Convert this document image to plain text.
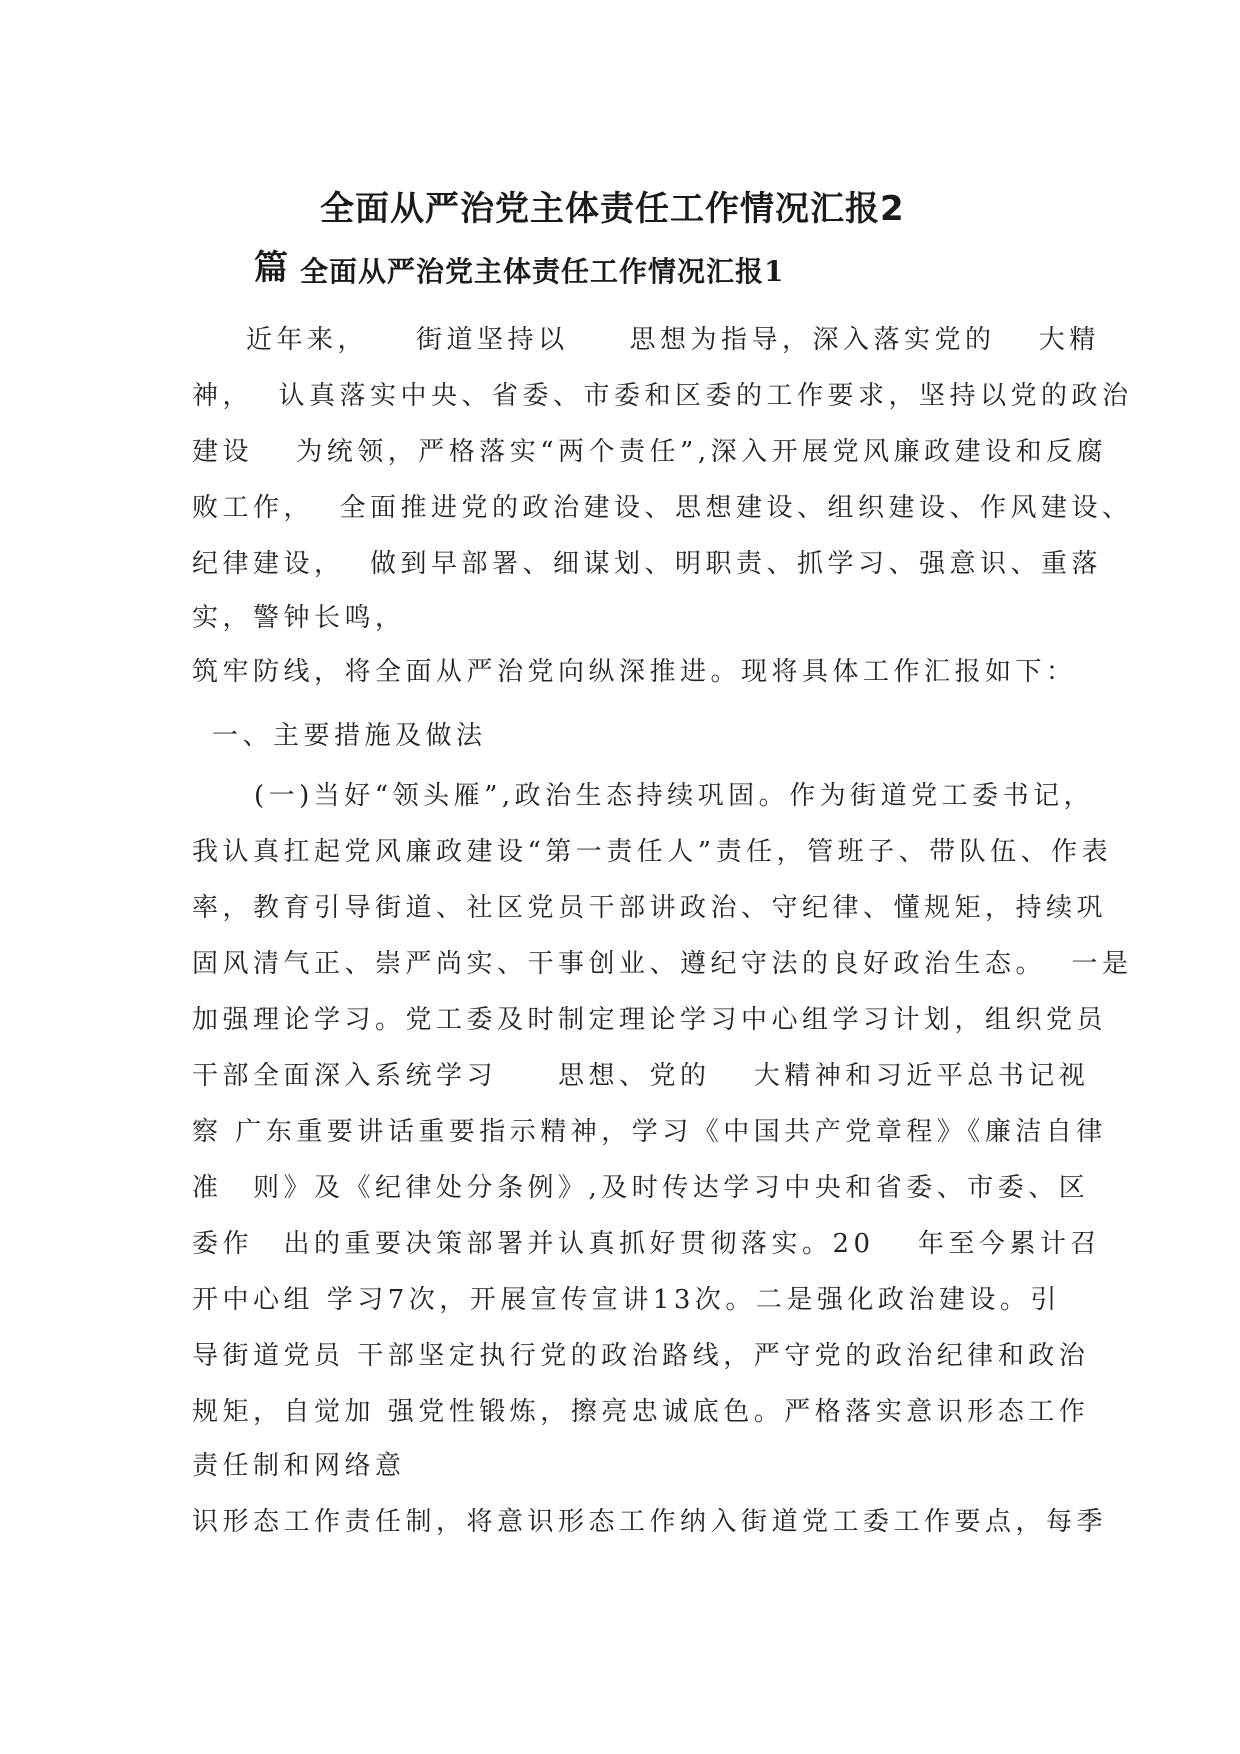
全面从严治党主体责任工作情况汇报2
篇 全面从严治党主体责任工作情况汇报1
近年来，　　街道坚持以　　思想为指导，深入落实党的　 大精
神，  认真落实中央、省委、市委和区委的工作要求，坚持以党的政治
建设　 为统领，严格落实“两个责任”,深入开展党风廉政建设和反腐
败工作，  全面推进党的政治建设、思想建设、组织建设、作风建设、
纪律建设，  做到早部署、细谋划、明职责、抓学习、强意识、重落
实，警钟长鸣，
筑牢防线，将全面从严治党向纵深推进。现将具体工作汇报如下：
一、主要措施及做法
(一)当好“领头雁”,政治生态持续巩固。作为街道党工委书记，
我认真扛起党风廉政建设“第一责任人”责任，管班子、带队伍、作表
率，教育引导街道、社区党员干部讲政治、守纪律、懂规矩，持续巩
固风清气正、崇严尚实、干事创业、遵纪守法的良好政治生态。  一是
加强理论学习。党工委及时制定理论学习中心组学习计划，组织党员
干部全面深入系统学习　　思想、党的　 大精神和习近平总书记视
察 广东重要讲话重要指示精神，学习《中国共产党章程》《廉洁自律
准　则》及《纪律处分条例》,及时传达学习中央和省委、市委、区
委作　出的重要决策部署并认真抓好贯彻落实。20　 年至今累计召
开中心组 学习7次，开展宣传宣讲13次。二是强化政治建设。引
导街道党员 干部坚定执行党的政治路线，严守党的政治纪律和政治
规矩，自觉加 强党性锻炼，擦亮忠诚底色。严格落实意识形态工作
责任制和网络意
识形态工作责任制，将意识形态工作纳入街道党工委工作要点，每季
